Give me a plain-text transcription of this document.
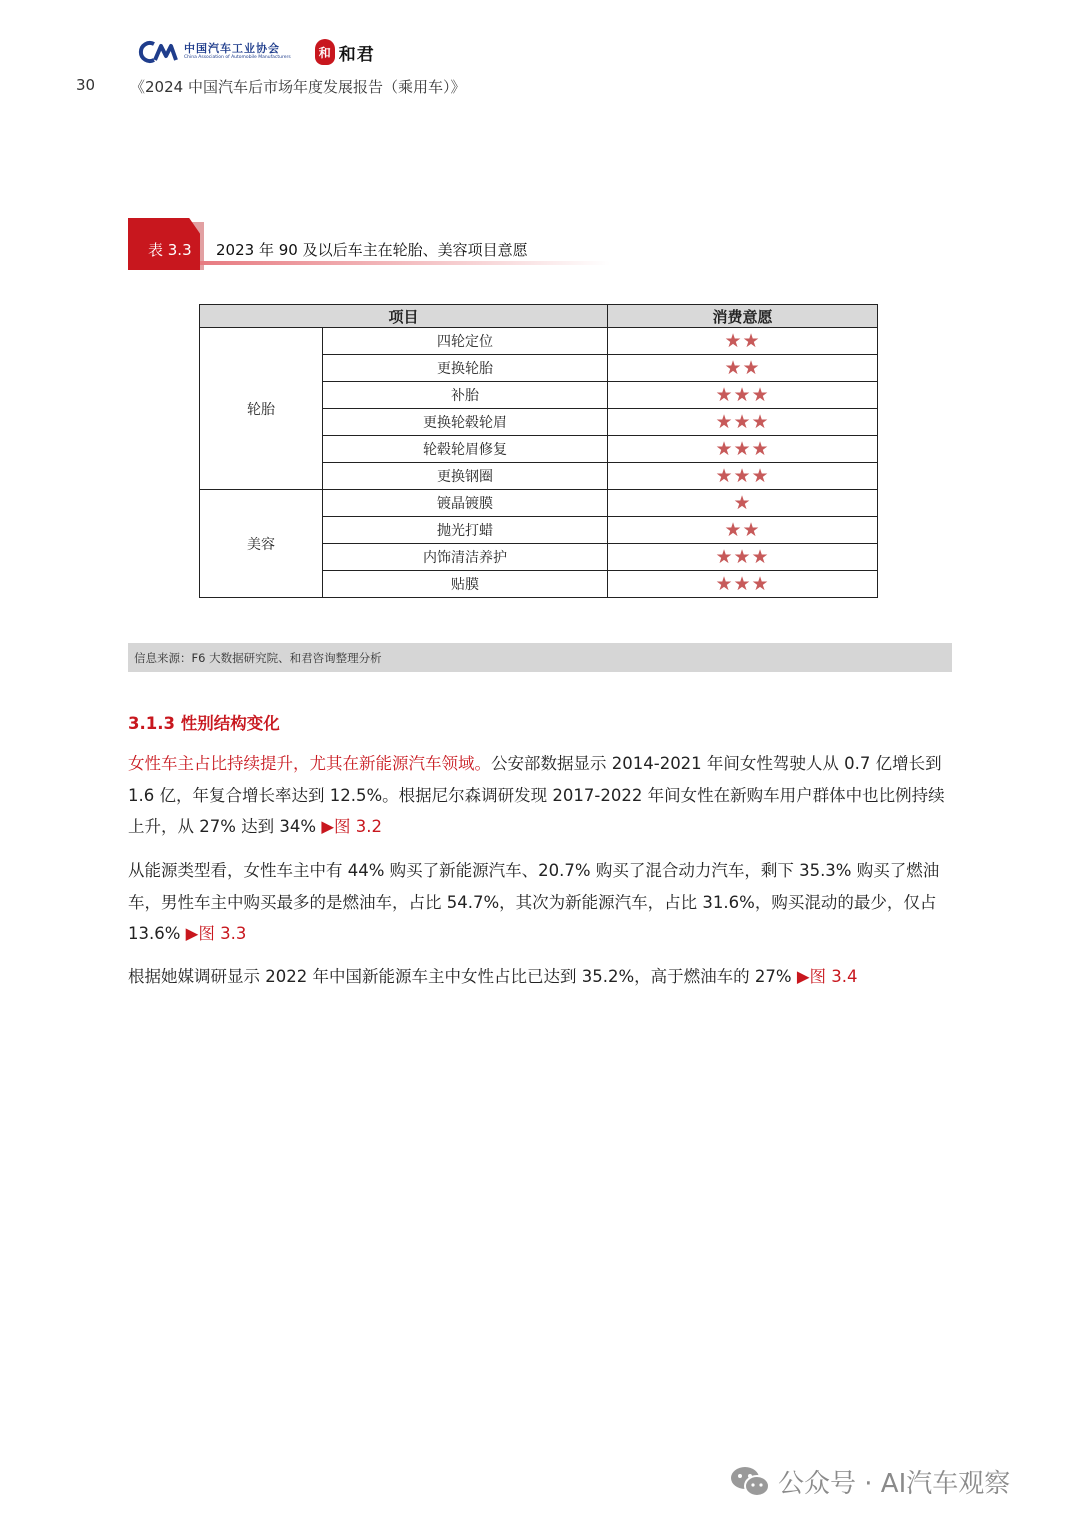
中国汽车工业协会
China Association of Automobile Manufacturers	和 和君
30 《2024 中国汽车后市场年度发展报告（乘用车）》
表 3.3 2023 年 90 及以后车主在轮胎、美容项目意愿
项目		消费意愿
轮胎	四轮定位	★★
	更换轮胎	★★
	补胎	★★★
	更换轮毂轮眉	★★★
	轮毂轮眉修复	★★★
	更换钢圈	★★★
美容	镀晶镀膜	★
	抛光打蜡	★★
	内饰清洁养护	★★★
	贴膜	★★★
信息来源：F6 大数据研究院、和君咨询整理分析
3.1.3 性别结构变化
女性车主占比持续提升，尤其在新能源汽车领域。公安部数据显示 2014-2021 年间女性驾驶人从 0.7 亿增长到 1.6 亿，年复合增长率达到 12.5%。根据尼尔森调研发现 2017-2022 年间女性在新购车用户群体中也比例持续上升，从 27% 达到 34% ▶图 3.2
从能源类型看，女性车主中有 44% 购买了新能源汽车、20.7% 购买了混合动力汽车，剩下 35.3% 购买了燃油车，男性车主中购买最多的是燃油车，占比 54.7%，其次为新能源汽车，占比 31.6%，购买混动的最少，仅占 13.6% ▶图 3.3
根据她媒调研显示 2022 年中国新能源车主中女性占比已达到 35.2%，高于燃油车的 27% ▶图 3.4
公众号 · AI汽车观察
